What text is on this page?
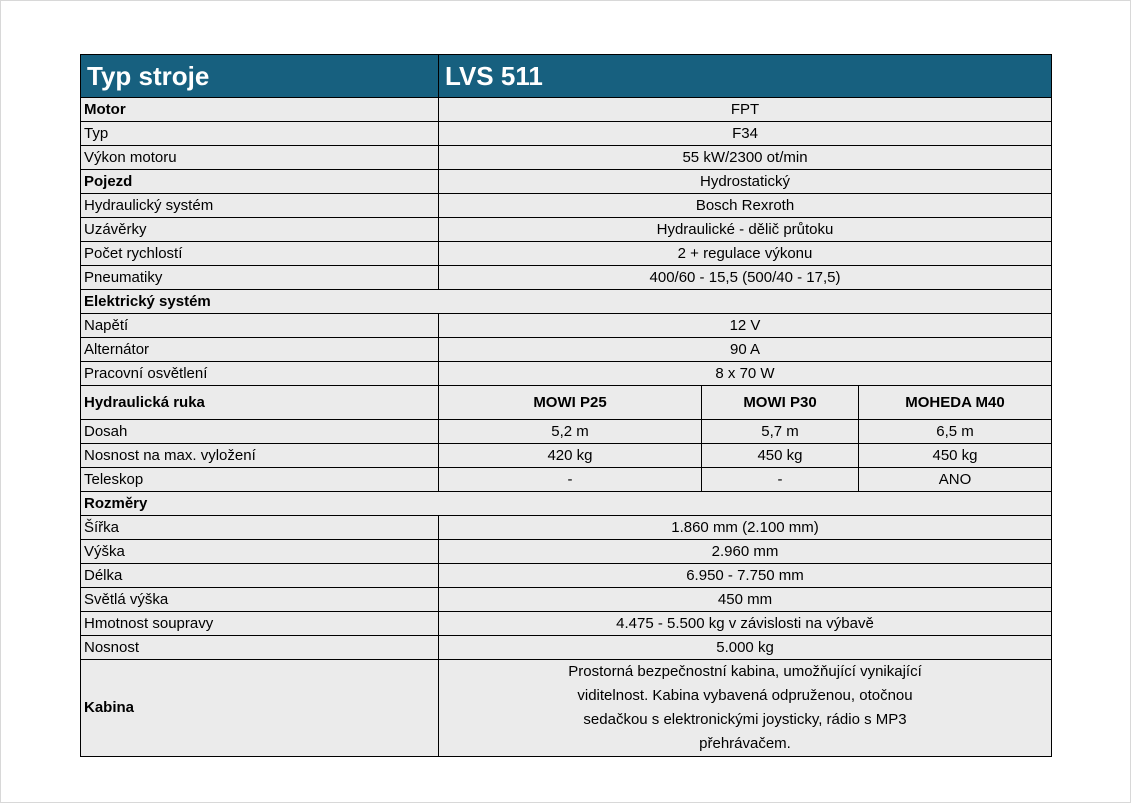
Typ stroje	LVS 511		
Motor	FPT		
Typ	F34		
Výkon motoru	55 kW/2300 ot/min		
Pojezd	Hydrostatický		
Hydraulický systém	Bosch Rexroth		
Uzávěrky	Hydraulické - dělič průtoku		
Počet rychlostí	2 + regulace výkonu		
Pneumatiky	400/60 - 15,5 (500/40 - 17,5)		
Elektrický systém			
Napětí	12 V		
Alternátor	90 A		
Pracovní osvětlení	8 x 70 W		
Hydraulická ruka	MOWI P25	MOWI P30	MOHEDA M40
Dosah	5,2 m	5,7 m	6,5 m
Nosnost na max. vyložení	420 kg	450 kg	450 kg
Teleskop	-	-	ANO
Rozměry			
Šířka	1.860 mm (2.100 mm)		
Výška	2.960 mm		
Délka	6.950 - 7.750 mm		
Světlá výška	450 mm		
Hmotnost soupravy	4.475 - 5.500 kg v závislosti na výbavě		
Nosnost	5.000 kg		
Kabina	Prostorná bezpečnostní kabina, umožňující vynikající
viditelnost. Kabina vybavená odpruženou, otočnou
sedačkou s elektronickými joysticky, rádio s MP3
přehrávačem.		
